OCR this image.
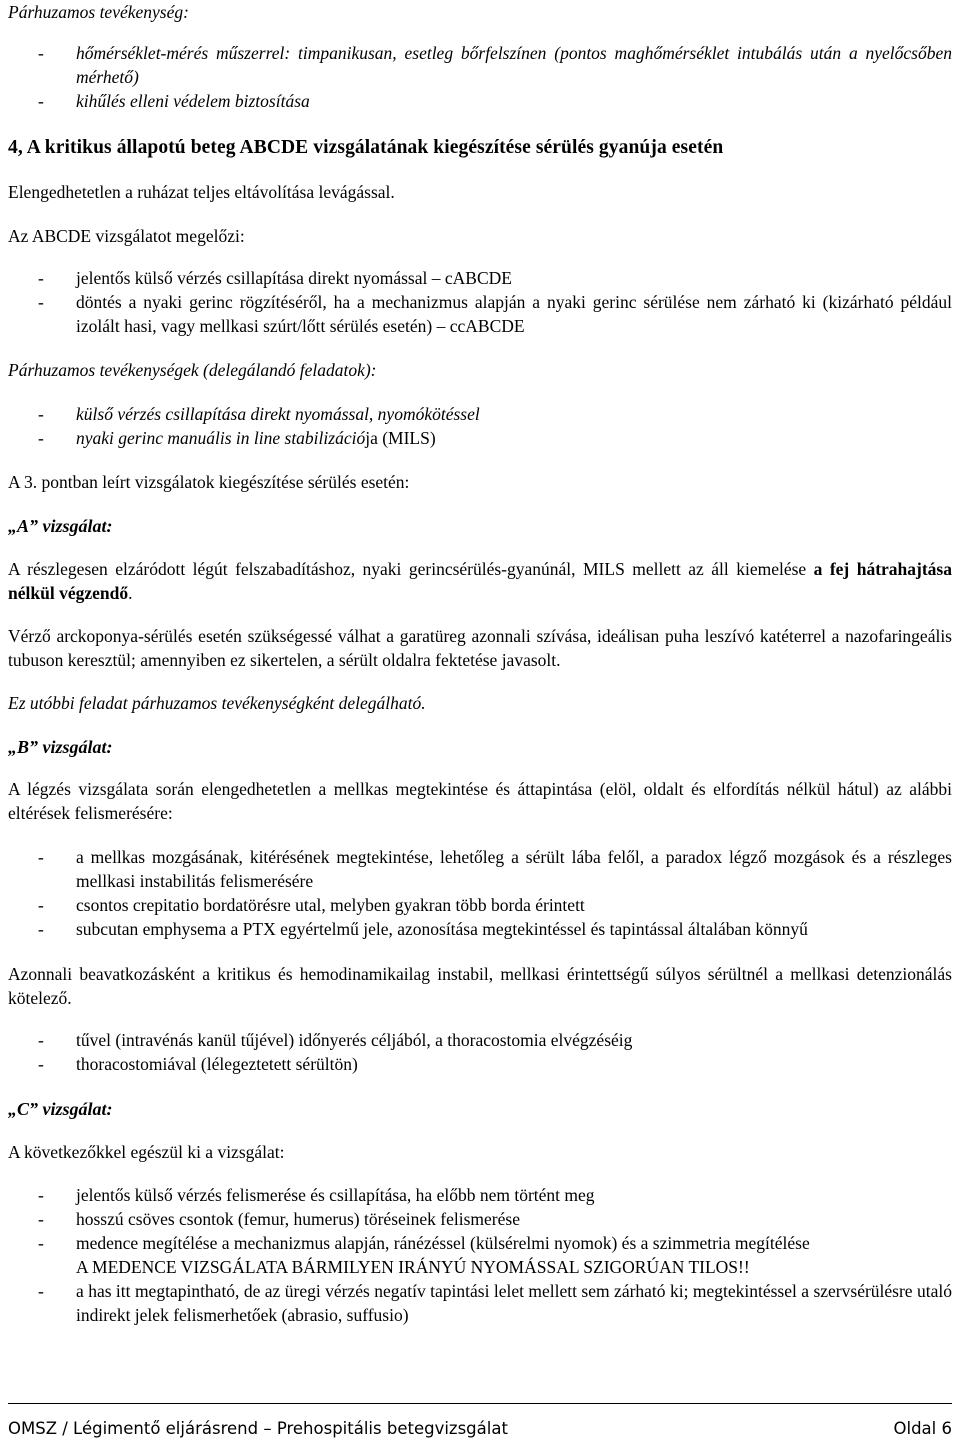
Párhuzamos tevékenység:
- hőmérséklet-mérés műszerrel: timpanikusan, esetleg bőrfelszínen (pontos maghőmérséklet intubálás után a nyelőcsőben mérhető)
- kihűlés elleni védelem biztosítása
4, A kritikus állapotú beteg ABCDE vizsgálatának kiegészítése sérülés gyanúja esetén
Elengedhetetlen a ruházat teljes eltávolítása levágással.
Az ABCDE vizsgálatot megelőzi:
- jelentős külső vérzés csillapítása direkt nyomással – cABCDE
- döntés a nyaki gerinc rögzítéséről, ha a mechanizmus alapján a nyaki gerinc sérülése nem zárható ki (kizárható például izolált hasi, vagy mellkasi szúrt/lőtt sérülés esetén) – ccABCDE
Párhuzamos tevékenységek (delegálandó feladatok):
- külső vérzés csillapítása direkt nyomással, nyomókötéssel
- nyaki gerinc manuális in line stabilizációja (MILS)
A 3. pontban leírt vizsgálatok kiegészítése sérülés esetén:
„A” vizsgálat:
A részlegesen elzáródott légút felszabadításhoz, nyaki gerincsérülés-gyanúnál, MILS mellett az áll kiemelése a fej hátrahajtása nélkül végzendő.
Vérző arckoponya-sérülés esetén szükségessé válhat a garatüreg azonnali szívása, ideálisan puha leszívó katéterrel a nazofaringeális tubuson keresztül; amennyiben ez sikertelen, a sérült oldalra fektetése javasolt.
Ez utóbbi feladat párhuzamos tevékenységként delegálható.
„B” vizsgálat:
A légzés vizsgálata során elengedhetetlen a mellkas megtekintése és áttapintása (elöl, oldalt és elfordítás nélkül hátul) az alábbi eltérések felismerésére:
- a mellkas mozgásának, kitérésének megtekintése, lehetőleg a sérült lába felől, a paradox légző mozgások és a részleges mellkasi instabilitás felismerésére
- csontos crepitatio bordatörésre utal, melyben gyakran több borda érintett
- subcutan emphysema a PTX egyértelmű jele, azonosítása megtekintéssel és tapintással általában könnyű
Azonnali beavatkozásként a kritikus és hemodinamikailag instabil, mellkasi érintettségű súlyos sérültnél a mellkasi detenzionálás kötelező.
- tűvel (intravénás kanül tűjével) időnyerés céljából, a thoracostomia elvégzéséig
- thoracostomiával (lélegeztetett sérültön)
„C” vizsgálat:
A következőkkel egészül ki a vizsgálat:
- jelentős külső vérzés felismerése és csillapítása, ha előbb nem történt meg
- hosszú csöves csontok (femur, humerus) töréseinek felismerése
- medence megítélése a mechanizmus alapján, ránézéssel (külsérelmi nyomok) és a szimmetria megítélése
A MEDENCE VIZSGÁLATA BÁRMILYEN IRÁNYÚ NYOMÁSSAL SZIGORÚAN TILOS!!
- a has itt megtapintható, de az üregi vérzés negatív tapintási lelet mellett sem zárható ki; megtekintéssel a szervsérülésre utaló indirekt jelek felismerhetőek (abrasio, suffusio)
OMSZ / Légimentő eljárásrend – Prehospitális betegvizsgálat	Oldal 6
